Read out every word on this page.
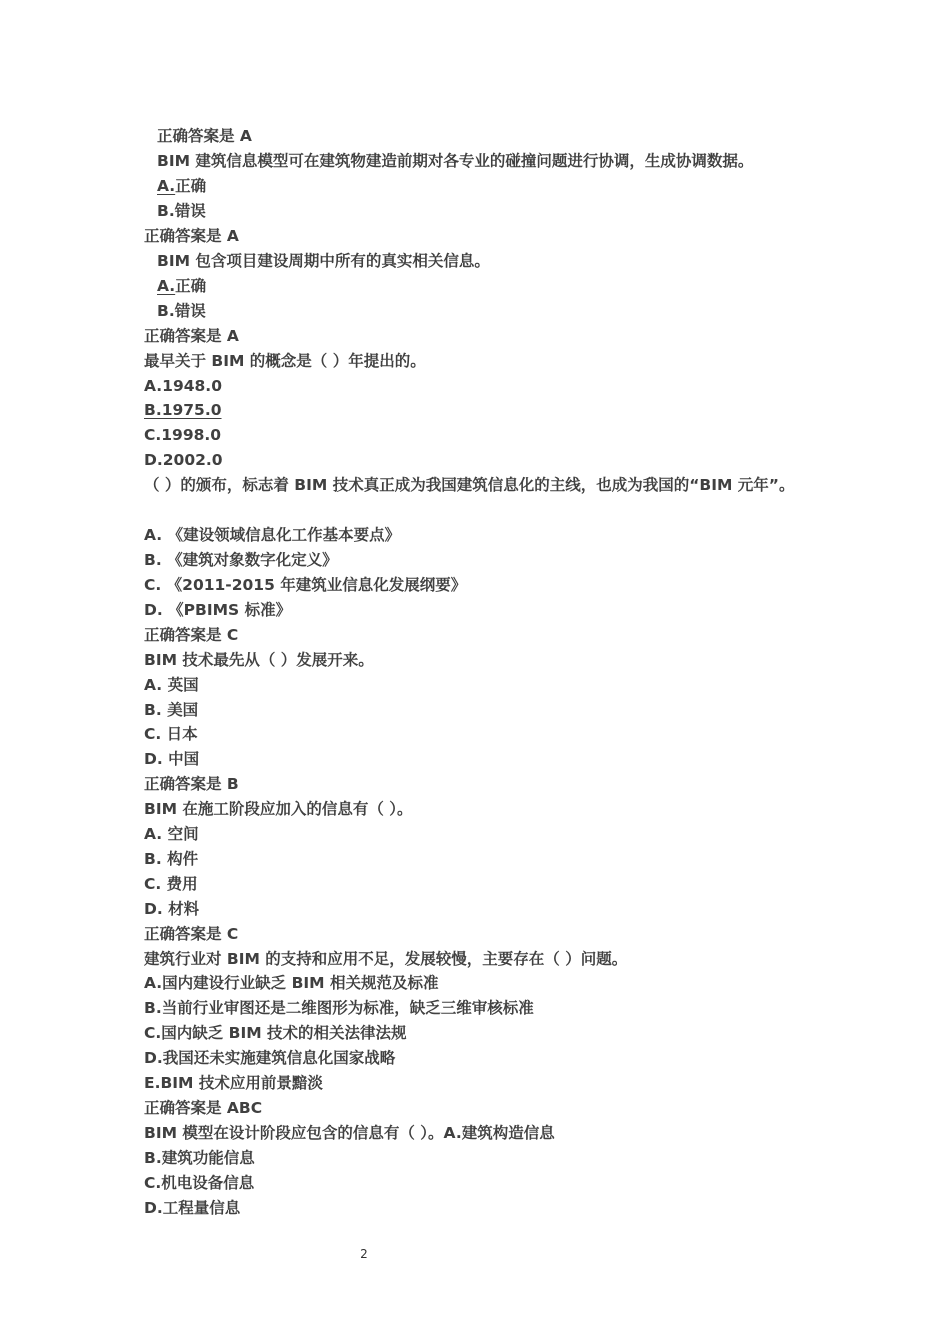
正确答案是 A
BIM 建筑信息模型可在建筑物建造前期对各专业的碰撞问题进行协调，生成协调数据。
A.正确
B.错误
正确答案是 A
BIM 包含项目建设周期中所有的真实相关信息。
A.正确
B.错误
正确答案是 A
最早关于 BIM 的概念是（ ）年提出的。
A.1948.0
B.1975.0
C.1998.0
D.2002.0
（ ）的颁布，标志着 BIM 技术真正成为我国建筑信息化的主线，也成为我国的“BIM 元年”。
A. 《建设领域信息化工作基本要点》
B. 《建筑对象数字化定义》
C. 《2011-2015 年建筑业信息化发展纲要》
D. 《PBIMS 标准》
正确答案是 C
BIM 技术最先从（ ）发展开来。
A. 英国
B. 美国
C. 日本
D. 中国
正确答案是 B
BIM 在施工阶段应加入的信息有（ ）。
A. 空间
B. 构件
C. 费用
D. 材料
正确答案是 C
建筑行业对 BIM 的支持和应用不足，发展较慢，主要存在（ ）问题。
A.国内建设行业缺乏 BIM 相关规范及标准
B.当前行业审图还是二维图形为标准，缺乏三维审核标准
C.国内缺乏 BIM 技术的相关法律法规
D.我国还未实施建筑信息化国家战略
E.BIM 技术应用前景黯淡
正确答案是 ABC
BIM 模型在设计阶段应包含的信息有（ ）。A.建筑构造信息
B.建筑功能信息
C.机电设备信息
D.工程量信息
2
